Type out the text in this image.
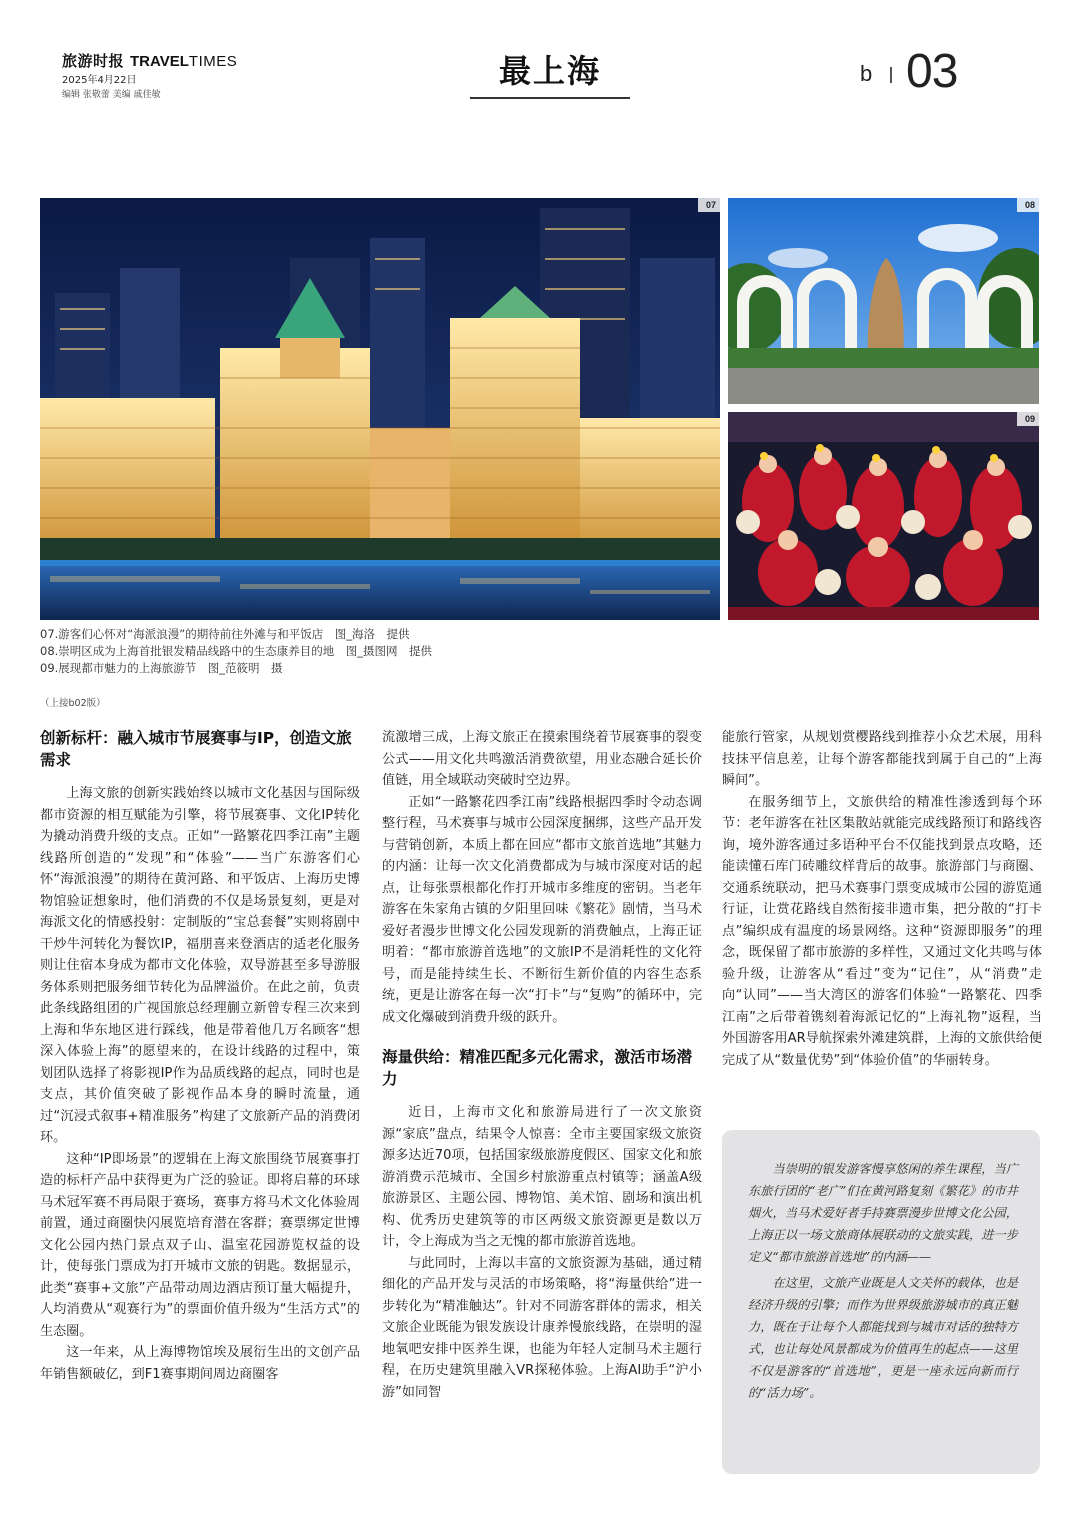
旅游时报 TRAVELTIMES
2025年4月22日
编辑 张敬蕾 美编 戚佳敏
最上海	b 03
07	08
09
07.游客们心怀对“海派浪漫”的期待前往外滩与和平饭店　图_海洛　提供
08.崇明区成为上海首批银发精品线路中的生态康养目的地　图_摄图网　提供
09.展现都市魅力的上海旅游节　图_范筱明　摄
（上接b02版）
创新标杆：融入城市节展赛事与IP，创造文旅需求

上海文旅的创新实践始终以城市文化基因与国际级都市资源的相互赋能为引擎，将节展赛事、文化IP转化为撬动消费升级的支点。正如“一路繁花四季江南”主题线路所创造的“发现”和“体验”——当广东游客们心怀“海派浪漫”的期待在黄河路、和平饭店、上海历史博物馆验证想象时，他们消费的不仅是场景复刻，更是对海派文化的情感投射：定制版的“宝总套餐”实则将剧中干炒牛河转化为餐饮IP，福朋喜来登酒店的适老化服务则让住宿本身成为都市文化体验，双导游甚至多导游服务体系则把服务细节转化为品牌溢价。在此之前，负责此条线路组团的广视国旅总经理蒯立新曾专程三次来到上海和华东地区进行踩线，他是带着他几万名顾客“想深入体验上海”的愿望来的，在设计线路的过程中，策划团队选择了将影视IP作为品质线路的起点，同时也是支点，其价值突破了影视作品本身的瞬时流量，通过“沉浸式叙事+精准服务”构建了文旅新产品的消费闭环。

这种“IP即场景”的逻辑在上海文旅围绕节展赛事打造的标杆产品中获得更为广泛的验证。即将启幕的环球马术冠军赛不再局限于赛场，赛事方将马术文化体验周前置，通过商圈快闪展览培育潜在客群；赛票绑定世博文化公园内热门景点双子山、温室花园游览权益的设计，使每张门票成为打开城市文旅的钥匙。数据显示，此类“赛事+文旅”产品带动周边酒店预订量大幅提升，人均消费从“观赛行为”的票面价值升级为“生活方式”的生态圈。

这一年来，从上海博物馆埃及展衍生出的文创产品年销售额破亿，到F1赛事期间周边商圈客

流激增三成，上海文旅正在摸索围绕着节展赛事的裂变公式——用文化共鸣激活消费欲望，用业态融合延长价值链，用全域联动突破时空边界。

正如“一路繁花四季江南”线路根据四季时令动态调整行程，马术赛事与城市公园深度捆绑，这些产品开发与营销创新，本质上都在回应“都市文旅首选地”其魅力的内涵：让每一次文化消费都成为与城市深度对话的起点，让每张票根都化作打开城市多维度的密钥。当老年游客在朱家角古镇的夕阳里回味《繁花》剧情，当马术爱好者漫步世博文化公园发现新的消费触点，上海正证明着：“都市旅游首选地”的文旅IP不是消耗性的文化符号，而是能持续生长、不断衍生新价值的内容生态系统，更是让游客在每一次“打卡”与“复购”的循环中，完成文化爆破到消费升级的跃升。

海量供给：精准匹配多元化需求，激活市场潜力

近日，上海市文化和旅游局进行了一次文旅资源“家底”盘点，结果令人惊喜：全市主要国家级文旅资源多达近70项，包括国家级旅游度假区、国家文化和旅游消费示范城市、全国乡村旅游重点村镇等；涵盖A级旅游景区、主题公园、博物馆、美术馆、剧场和演出机构、优秀历史建筑等的市区两级文旅资源更是数以万计，令上海成为当之无愧的都市旅游首选地。

与此同时，上海以丰富的文旅资源为基础，通过精细化的产品开发与灵活的市场策略，将“海量供给”进一步转化为“精准触达”。针对不同游客群体的需求，相关文旅企业既能为银发族设计康养慢旅线路，在崇明的湿地氧吧安排中医养生课，也能为年轻人定制马术主题行程，在历史建筑里融入VR探秘体验。上海AI助手“沪小游”如同智

能旅行管家，从规划赏樱路线到推荐小众艺术展，用科技抹平信息差，让每个游客都能找到属于自己的“上海瞬间”。

在服务细节上，文旅供给的精准性渗透到每个环节：老年游客在社区集散站就能完成线路预订和路线咨询，境外游客通过多语种平台不仅能找到景点攻略，还能读懂石库门砖雕纹样背后的故事。旅游部门与商圈、交通系统联动，把马术赛事门票变成城市公园的游览通行证，让赏花路线自然衔接非遗市集，把分散的“打卡点”编织成有温度的场景网络。这种“资源即服务”的理念，既保留了都市旅游的多样性，又通过文化共鸣与体验升级，让游客从“看过”变为“记住”，从“消费”走向“认同”——当大湾区的游客们体验“一路繁花、四季江南”之后带着镌刻着海派记忆的“上海礼物”返程，当外国游客用AR导航探索外滩建筑群，上海的文旅供给便完成了从“数量优势”到“体验价值”的华丽转身。

当崇明的银发游客慢享悠闲的养生课程，当广东旅行团的“老广”们在黄河路复刻《繁花》的市井烟火，当马术爱好者手持赛票漫步世博文化公园，上海正以一场文旅商体展联动的文旅实践，进一步定义“都市旅游首选地”的内涵——

在这里，文旅产业既是人文关怀的载体，也是经济升级的引擎；而作为世界级旅游城市的真正魅力，既在于让每个人都能找到与城市对话的独特方式，也让每处风景都成为价值再生的起点——这里不仅是游客的“首选地”，更是一座永远向新而行的“活力场”。
